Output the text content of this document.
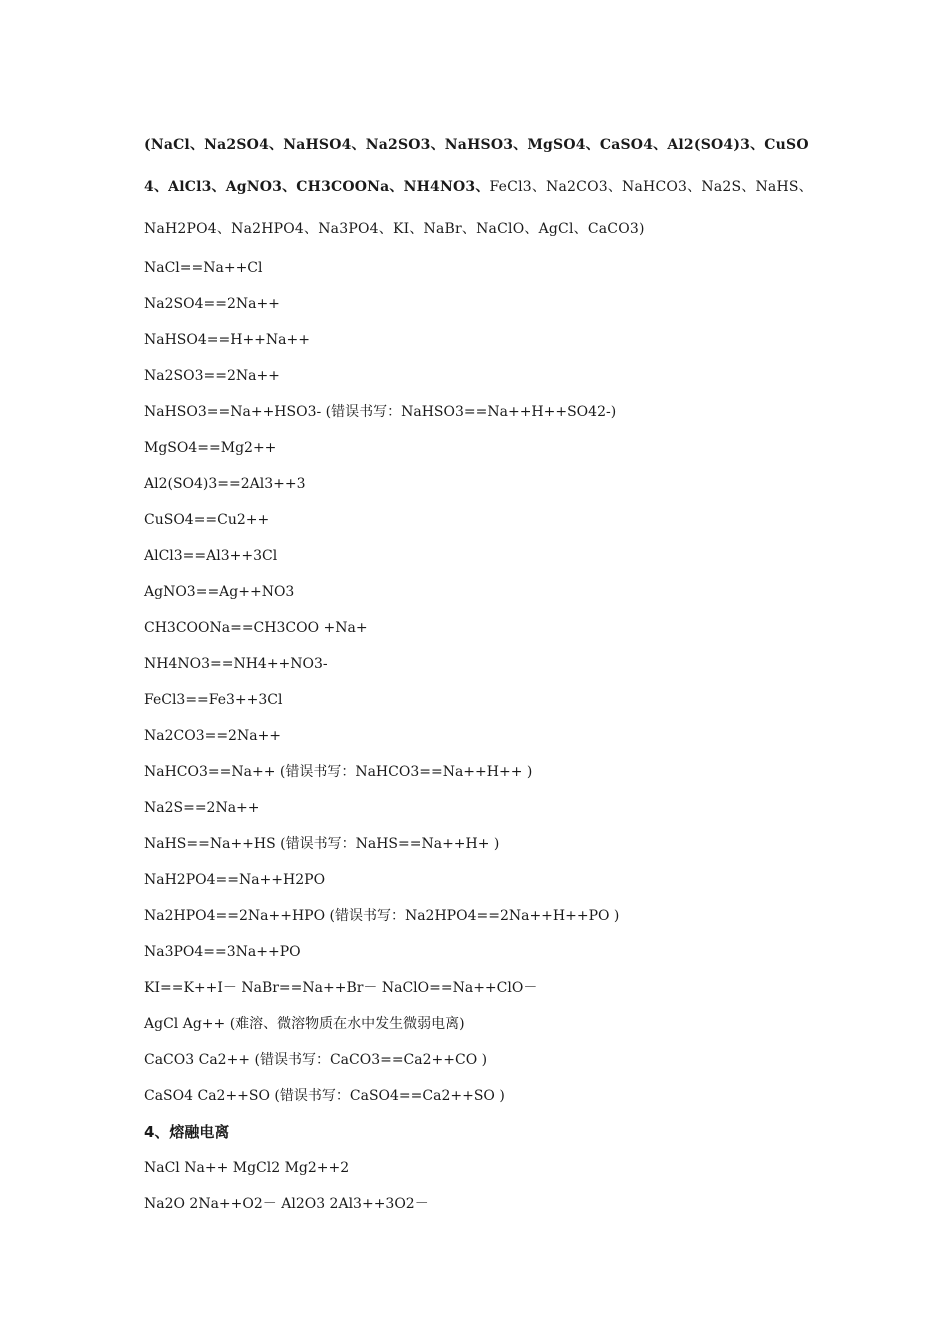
(NaCl、Na2SO4、NaHSO4、Na2SO3、NaHSO3、MgSO4、CaSO4、Al2(SO4)3、CuSO4、AlCl3、AgNO3、CH3COONa、NH4NO3、FeCl3、Na2CO3、NaHCO3、Na2S、NaHS、NaH2PO4、Na2HPO4、Na3PO4、KI、NaBr、NaClO、AgCl、CaCO3)

NaCl==Na++Cl
Na2SO4==2Na++
NaHSO4==H++Na++
Na2SO3==2Na++
NaHSO3==Na++HSO3- (错误书写：NaHSO3==Na++H++SO42-)
MgSO4==Mg2++
Al2(SO4)3==2Al3++3
CuSO4==Cu2++
AlCl3==Al3++3Cl
AgNO3==Ag++NO3
CH3COONa==CH3COO +Na+
NH4NO3==NH4++NO3-
FeCl3==Fe3++3Cl
Na2CO3==2Na++
NaHCO3==Na++ (错误书写：NaHCO3==Na++H++ )
Na2S==2Na++
NaHS==Na++HS (错误书写：NaHS==Na++H+ )
NaH2PO4==Na++H2PO
Na2HPO4==2Na++HPO (错误书写：Na2HPO4==2Na++H++PO )
Na3PO4==3Na++PO
KI==K++I－ NaBr==Na++Br－ NaClO==Na++ClO－
AgCl Ag++ (难溶、微溶物质在水中发生微弱电离)
CaCO3 Ca2++ (错误书写：CaCO3==Ca2++CO )
CaSO4 Ca2++SO (错误书写：CaSO4==Ca2++SO )
4、熔融电离
NaCl Na++ MgCl2 Mg2++2
Na2O 2Na++O2－ Al2O3 2Al3++3O2－
